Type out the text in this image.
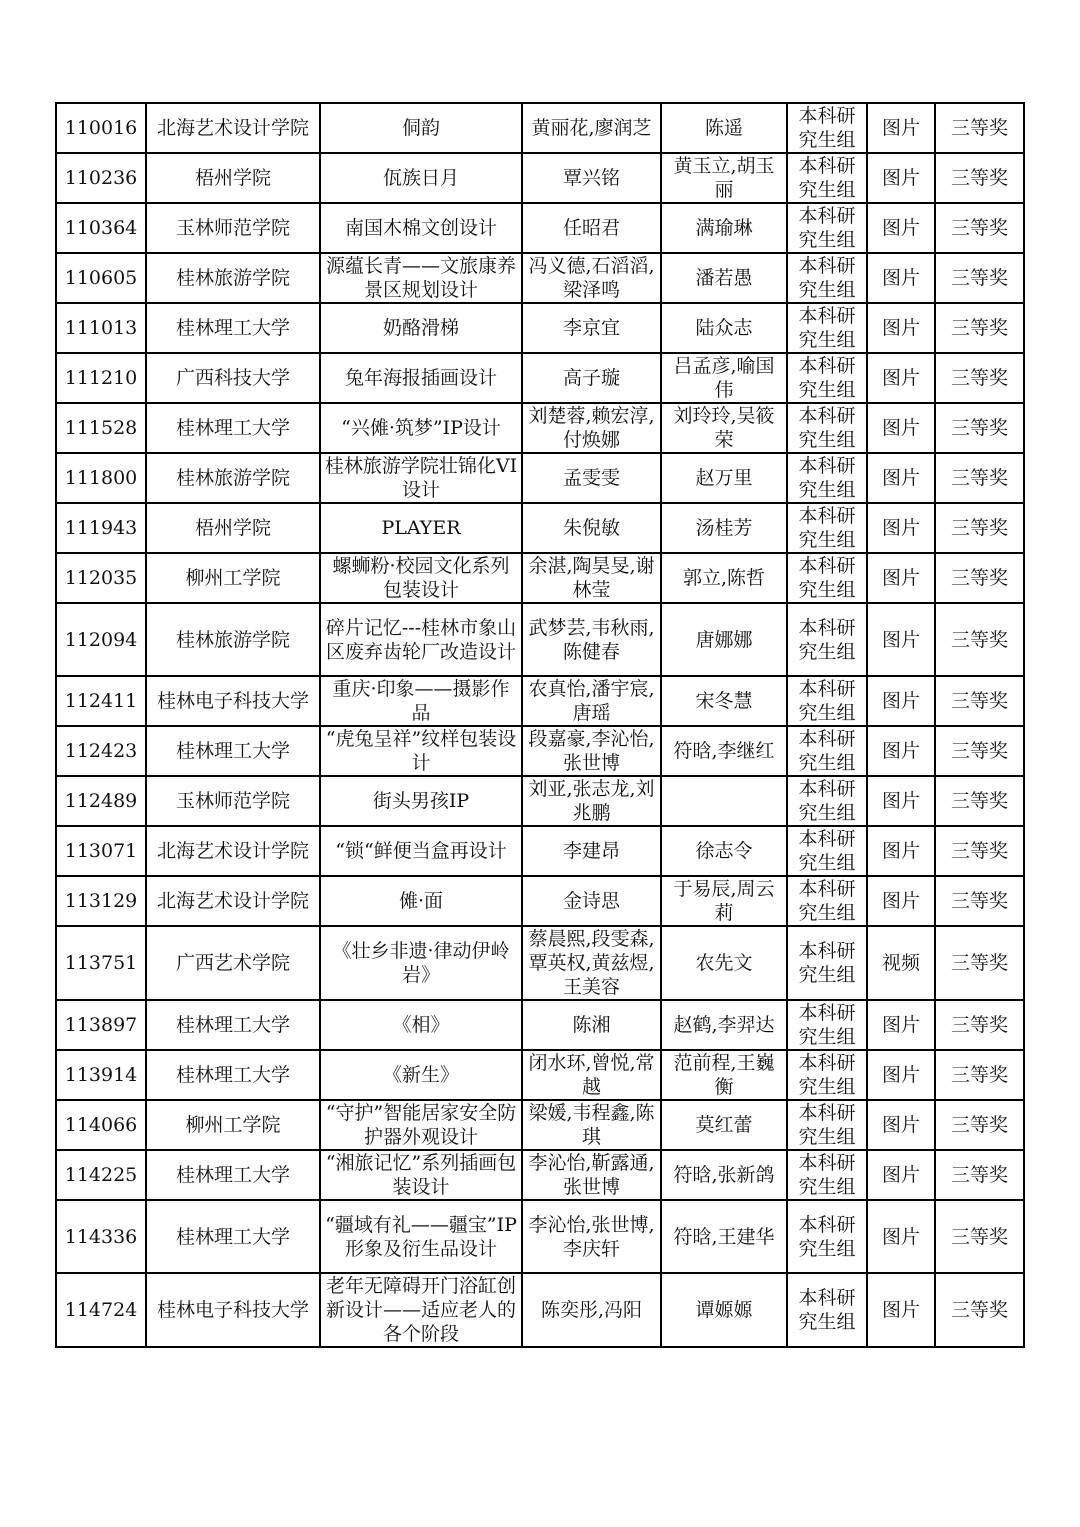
110016	北海艺术设计学院	侗韵	黄丽花,廖润芝	陈遥	本科研究生组	图片	三等奖
110236	梧州学院	佤族日月	覃兴铭	黄玉立,胡玉丽	本科研究生组	图片	三等奖
110364	玉林师范学院	南国木棉文创设计	任昭君	满瑜琳	本科研究生组	图片	三等奖
110605	桂林旅游学院	源蕴长青——文旅康养景区规划设计	冯义德,石滔滔,梁泽鸣	潘若愚	本科研究生组	图片	三等奖
111013	桂林理工大学	奶酪滑梯	李京宜	陆众志	本科研究生组	图片	三等奖
111210	广西科技大学	兔年海报插画设计	高子璇	吕孟彦,喻国伟	本科研究生组	图片	三等奖
111528	桂林理工大学	“兴傩·筑梦”IP设计	刘楚蓉,赖宏淳,付焕娜	刘玲玲,吴筱荣	本科研究生组	图片	三等奖
111800	桂林旅游学院	桂林旅游学院壮锦化VI设计	孟雯雯	赵万里	本科研究生组	图片	三等奖
111943	梧州学院	PLAYER	朱倪敏	汤桂芳	本科研究生组	图片	三等奖
112035	柳州工学院	螺蛳粉·校园文化系列包装设计	余湛,陶昊旻,谢林莹	郭立,陈哲	本科研究生组	图片	三等奖
112094	桂林旅游学院	碎片记忆---桂林市象山区废弃齿轮厂改造设计	武梦芸,韦秋雨,陈健春	唐娜娜	本科研究生组	图片	三等奖
112411	桂林电子科技大学	重庆·印象——摄影作品	农真怡,潘宇宸,唐瑶	宋冬慧	本科研究生组	图片	三等奖
112423	桂林理工大学	“虎兔呈祥”纹样包装设计	段嘉豪,李沁怡,张世博	符晗,李继红	本科研究生组	图片	三等奖
112489	玉林师范学院	街头男孩IP	刘亚,张志龙,刘兆鹏		本科研究生组	图片	三等奖
113071	北海艺术设计学院	“锁“鲜便当盒再设计	李建昂	徐志令	本科研究生组	图片	三等奖
113129	北海艺术设计学院	傩·面	金诗思	于易辰,周云莉	本科研究生组	图片	三等奖
113751	广西艺术学院	《壮乡非遗·律动伊岭岩》	蔡晨熙,段雯森,覃英权,黄兹煜,王美容	农先文	本科研究生组	视频	三等奖
113897	桂林理工大学	《相》	陈湘	赵鹤,李羿达	本科研究生组	图片	三等奖
113914	桂林理工大学	《新生》	闭水环,曾悦,常越	范前程,王巍衡	本科研究生组	图片	三等奖
114066	柳州工学院	“守护”智能居家安全防护器外观设计	梁媛,韦程鑫,陈琪	莫红蕾	本科研究生组	图片	三等奖
114225	桂林理工大学	“湘旅记忆”系列插画包装设计	李沁怡,靳露通,张世博	符晗,张新鸽	本科研究生组	图片	三等奖
114336	桂林理工大学	“疆域有礼——疆宝”IP形象及衍生品设计	李沁怡,张世博,李庆轩	符晗,王建华	本科研究生组	图片	三等奖
114724	桂林电子科技大学	老年无障碍开门浴缸创新设计——适应老人的各个阶段	陈奕彤,冯阳	谭嫄嫄	本科研究生组	图片	三等奖
